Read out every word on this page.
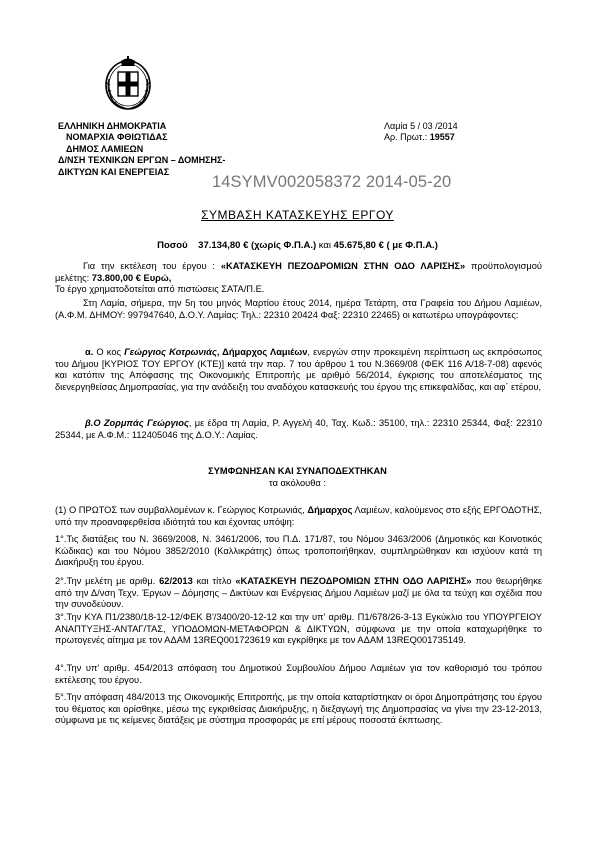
ΕΛΛΗΝΙΚΗ ΔΗΜΟΚΡΑΤΙΑ
ΝΟΜΑΡΧΙΑ ΦΘΙΩΤΙΔΑΣ
ΔΗΜΟΣ ΛΑΜΙΕΩΝ
Δ/ΝΣΗ ΤΕΧΝΙΚΩΝ ΕΡΓΩΝ – ΔΟΜΗΣΗΣ-
ΔΙΚΤΥΩΝ ΚΑΙ ΕΝΕΡΓΕΙΑΣ
Λαμία 5 / 03 /2014
Αρ. Πρωτ.: 19557
14SYMV002058372 2014-05-20
ΣΥΜΒΑΣΗ ΚΑΤΑΣΚΕΥΗΣ ΕΡΓΟΥ
Ποσού 37.134,80 € (χωρίς Φ.Π.Α.) και 45.675,80 € ( με Φ.Π.Α.)

Για την εκτέλεση του έργου : «ΚΑΤΑΣΚΕΥΗ ΠΕΖΟΔΡΟΜΙΩΝ ΣΤΗΝ ΟΔΟ ΛΑΡΙΣΗΣ» προϋπολογισμού μελέτης: 73.800,00 € Ευρώ,

Το έργο χρηματοδοτείται από πιστώσεις ΣΑΤΑ/Π.Ε.

Στη Λαμία, σήμερα, την 5η του μηνός Μαρτίου έτους 2014, ημέρα Τετάρτη, στα Γραφεία του Δήμου Λαμιέων, (Α.Φ.Μ. ΔΗΜΟΥ: 997947640, Δ.Ο.Υ. Λαμίας: Τηλ.: 22310 20424 Φαξ: 22310 22465) οι κατωτέρω υπογράφοντες:

α. Ο κος Γεώργιος Κοτρωνιάς, Δήμαρχος Λαμιέων, ενεργών στην προκειμένη περίπτωση ως εκπρόσωπος του Δήμου [ΚΥΡΙΟΣ ΤΟΥ ΕΡΓΟΥ (ΚΤΕ)] κατά την παρ. 7 του άρθρου 1 του Ν.3669/08 (ΦΕΚ 116 Α/18-7-08) αφενός και κατόπιν της Απόφασης της Οικονομικής Επιτροπής με αριθμό 56/2014, έγκρισης του αποτελέσματος της διενεργηθείσας Δημοπρασίας, για την ανάδειξη του αναδόχου κατασκευής του έργου της επικεφαλίδας, και αφ΄ ετέρου,

β.Ο Ζορμπάς Γεώργιος, με έδρα τη Λαμία, Ρ. Αγγελή 40, Ταχ. Κωδ.: 35100, τηλ.: 22310 25344, Φαξ: 22310 25344, με Α.Φ.Μ.: 112405046 της Δ.Ο.Υ.: Λαμίας.

ΣΥΜΦΩΝΗΣΑΝ ΚΑΙ ΣΥΝΑΠΟΔΕΧΤΗΚΑΝ
τα ακόλουθα :

(1) Ο ΠΡΩΤΟΣ των συμβαλλομένων κ. Γεώργιος Κοτρωνιάς, Δήμαρχος Λαμιέων, καλούμενος στο εξής ΕΡΓΟΔΟΤΗΣ, υπό την προαναφερθείσα ιδιότητά του και έχοντας υπόψη:

1°.Τις διατάξεις του Ν. 3669/2008, Ν. 3461/2006, του Π.Δ. 171/87, του Νόμου 3463/2006 (Δημοτικός και Κοινοτικός Κώδικας) και του Νόμου 3852/2010 (Καλλικράτης) όπως τροποποιήθηκαν, συμπληρώθηκαν και ισχύουν κατά τη Διακήρυξη του έργου.

2°.Την μελέτη με αριθμ. 62/2013 και τίτλο «ΚΑΤΑΣΚΕΥΗ ΠΕΖΟΔΡΟΜΙΩΝ ΣΤΗΝ ΟΔΟ ΛΑΡΙΣΗΣ» που θεωρήθηκε από την Δ/νση Τεχν. Έργων – Δόμησης – Δικτύων και Ενέργειας Δήμου Λαμιέων μαζί με όλα τα τεύχη και σχέδια που την συνοδεύουν.

3°.Την ΚΥΑ Π1/2380/18-12-12/ΦΕΚ Β'/3400/20-12-12 και την υπ' αριθμ. Π1/678/26-3-13 Εγκύκλιο του ΥΠΟΥΡΓΕΙΟΥ ΑΝΑΠΤΥΞΗΣ-ΑΝΤΑΓ/ΤΑΣ, ΥΠΟΔΟΜΩΝ-ΜΕΤΑΦΟΡΩΝ & ΔΙΚΤΥΩΝ, σύμφωνα με την οποία καταχωρήθηκε το πρωτογενές αίτημα με τον ΑΔΑΜ 13REQ001723619 και εγκρίθηκε με τον ΑΔΑΜ 13REQ001735149.

4°.Την υπ' αριθμ. 454/2013 απόφαση του Δημοτικού Συμβουλίου Δήμου Λαμιέων για τον καθορισμό του τρόπου εκτέλεσης του έργου.

5°.Την απόφαση 484/2013 της Οικονομικής Επιτροπής, με την οποία καταρτίστηκαν οι όροι Δημοπράτησης του έργου του θέματος και ορίσθηκε, μέσω της εγκριθείσας Διακήρυξης, η διεξαγωγή της Δημοπρασίας να γίνει την 23-12-2013, σύμφωνα με τις κείμενες διατάξεις με σύστημα προσφοράς με επί μέρους ποσοστά έκπτωσης.
